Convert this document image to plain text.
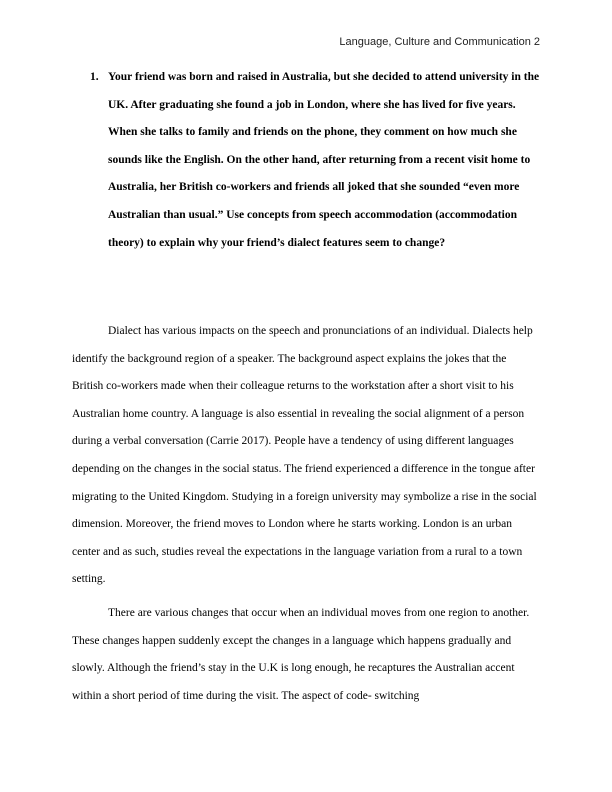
Language, Culture and Communication 2
1. Your friend was born and raised in Australia, but she decided to attend university in the UK. After graduating she found a job in London, where she has lived for five years. When she talks to family and friends on the phone, they comment on how much she sounds like the English. On the other hand, after returning from a recent visit home to Australia, her British co-workers and friends all joked that she sounded “even more Australian than usual.” Use concepts from speech accommodation (accommodation theory) to explain why your friend’s dialect features seem to change?

Dialect has various impacts on the speech and pronunciations of an individual. Dialects help identify the background region of a speaker. The background aspect explains the jokes that the British co-workers made when their colleague returns to the workstation after a short visit to his Australian home country. A language is also essential in revealing the social alignment of a person during a verbal conversation (Carrie 2017). People have a tendency of using different languages depending on the changes in the social status. The friend experienced a difference in the tongue after migrating to the United Kingdom. Studying in a foreign university may symbolize a rise in the social dimension. Moreover, the friend moves to London where he starts working. London is an urban center and as such, studies reveal the expectations in the language variation from a rural to a town setting.

There are various changes that occur when an individual moves from one region to another. These changes happen suddenly except the changes in a language which happens gradually and slowly. Although the friend’s stay in the U.K is long enough, he recaptures the Australian accent within a short period of time during the visit. The aspect of code- switching
